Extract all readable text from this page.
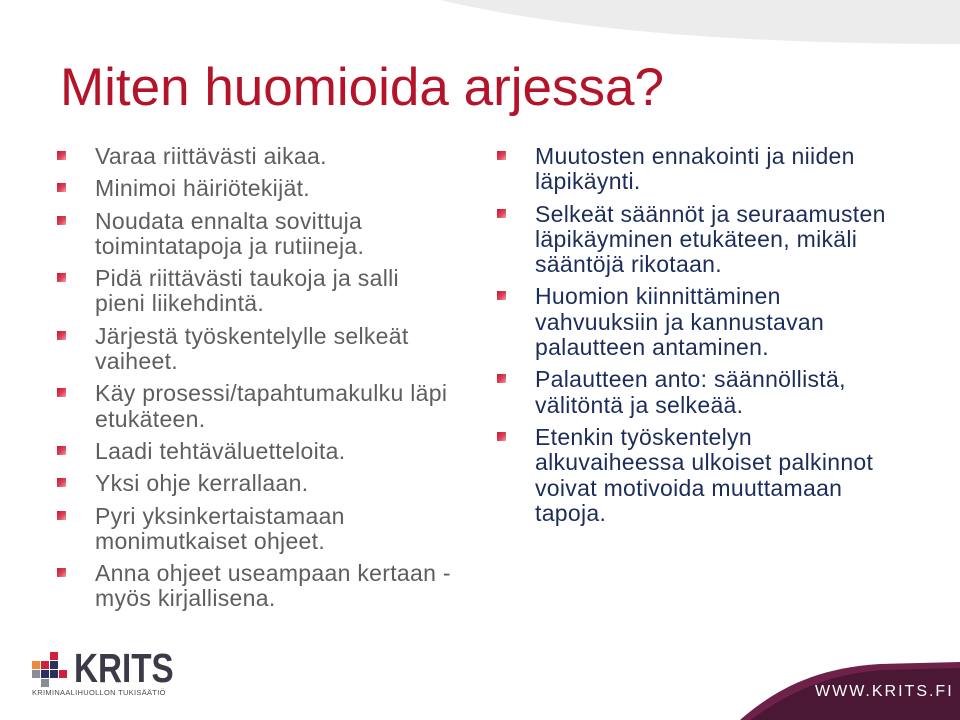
Miten huomioida arjessa?
Varaa riittävästi aikaa.
Minimoi häiriötekijät.
Noudata ennalta sovittuja
toimintatapoja ja rutiineja.
Pidä riittävästi taukoja ja salli
pieni liikehdintä.
Järjestä työskentelylle selkeät
vaiheet.
Käy prosessi/tapahtumakulku läpi
etukäteen.
Laadi tehtäväluetteloita.
Yksi ohje kerrallaan.
Pyri yksinkertaistamaan
monimutkaiset ohjeet.
Anna ohjeet useampaan kertaan -
myös kirjallisena.
Muutosten ennakointi ja niiden
läpikäynti.
Selkeät säännöt ja seuraamusten
läpikäyminen etukäteen, mikäli
sääntöjä rikotaan.
Huomion kiinnittäminen
vahvuuksiin ja kannustavan
palautteen antaminen.
Palautteen anto: säännöllistä,
välitöntä ja selkeää.
Etenkin työskentelyn
alkuvaiheessa ulkoiset palkinnot
voivat motivoida muuttamaan
tapoja.
KRITS
KRIMINAALIHUOLLON TUKISÄÄTIÖ	WWW.KRITS.FI
